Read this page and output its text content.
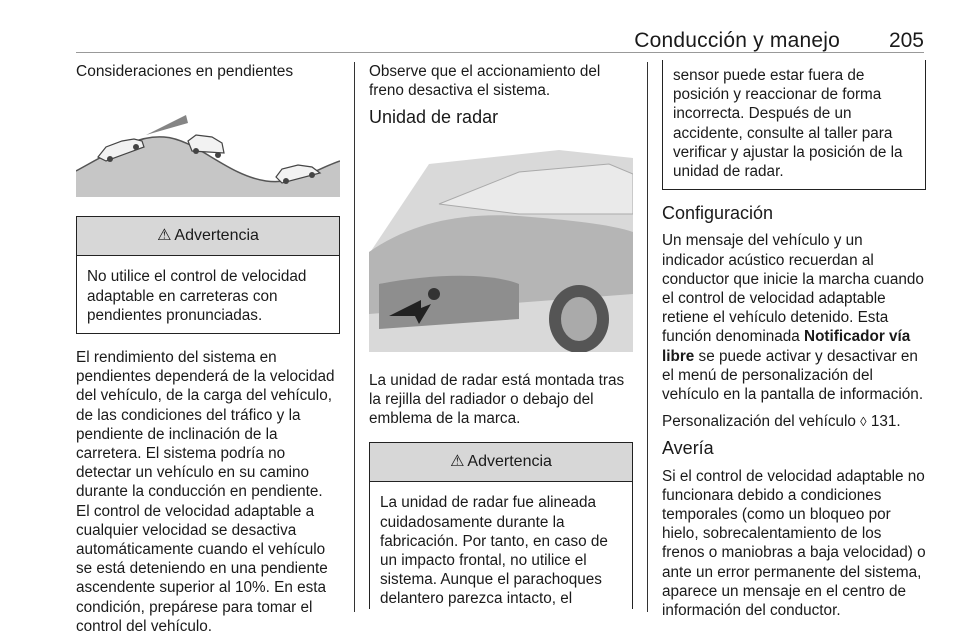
Conducción y manejo 205

Consideraciones en pendientes

⚠ Advertencia
No utilice el control de velocidad adaptable en carreteras con pendientes pronunciadas.

El rendimiento del sistema en pendientes dependerá de la velocidad del vehículo, de la carga del vehículo, de las condiciones del tráfico y la pendiente de inclinación de la carretera. El sistema podría no detectar un vehículo en su camino durante la conducción en pendiente. El control de velocidad adaptable a cualquier velocidad se desactiva automáticamente cuando el vehículo se está deteniendo en una pendiente ascendente superior al 10%. En esta condición, prepárese para tomar el control del vehículo.

Observe que el accionamiento del freno desactiva el sistema.

Unidad de radar

La unidad de radar está montada tras la rejilla del radiador o debajo del emblema de la marca.

⚠ Advertencia
La unidad de radar fue alineada cuidadosamente durante la fabricación. Por tanto, en caso de un impacto frontal, no utilice el sistema. Aunque el parachoques delantero parezca intacto, el
sensor puede estar fuera de posición y reaccionar de forma incorrecta. Después de un accidente, consulte al taller para verificar y ajustar la posición de la unidad de radar.

Configuración

Un mensaje del vehículo y un indicador acústico recuerdan al conductor que inicie la marcha cuando el control de velocidad adaptable retiene el vehículo detenido. Esta función denominada Notificador vía libre se puede activar y desactivar en el menú de personalización del vehículo en la pantalla de información.

Personalización del vehículo ◊ 131.

Avería

Si el control de velocidad adaptable no funcionara debido a condiciones temporales (como un bloqueo por hielo, sobrecalentamiento de los frenos o maniobras a baja velocidad) o ante un error permanente del sistema, aparece un mensaje en el centro de información del conductor.
